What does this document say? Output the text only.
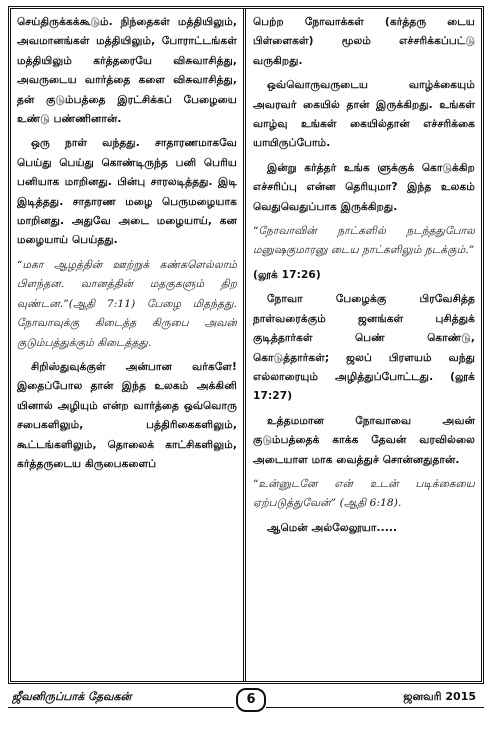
செய்திருக்கக்கூடும். நிந்தைகள் மத்தியிலும், அவமானங்கள் மத்தியிலும், போராட்டங்கள் மத்தியிலும் கர்த்தரையே விசுவாசித்து, அவருடைய வார்த்தை களை விசுவாசித்து, தன் குடும்பத்தை இரட்சிக்கப் பேழையை உண்டு பண்ணினான்.

ஒரு நாள் வந்தது. சாதாரணமாகவே பெய்து பெய்து கொண்டிருந்த பனி பெரிய பனியாக மாறினது. பின்பு சாரலடித்தது. இடி இடித்தது. சாதாரண மழை பெருமழையாக மாறினது. அதுவே அடை மழையாய், கன மழையாய் பெய்தது.

“மகா ஆழத்தின் ஊற்றுக் கண்களெல்லாம் பிளந்தன. வானத்தின் மதகுகளும் திற வுண்டன.”(ஆதி 7:11) பேழை மிதந்தது. நோவாவுக்கு கிடைத்த கிருபை அவன் குடும்பத்துக்கும் கிடைத்தது.

சிறிஸ்துவுக்குள் அன்பான வர்களே! இதைப்போல தான் இந்த உலகம் அக்கினி யினால் அழியும் என்ற வார்த்தை ஒவ்வொரு சபைகளிலும், பத்திரிகைகளிலும், கூட்டங்களிலும், தொலைக் காட்சிகளிலும், கர்த்தருடைய கிருபைகளைப்

பெற்ற நோவாக்கள் (கர்த்தரு டைய பிள்ளைகள்) மூலம் எச்சரிக்கப்பட்டு வருகிறது.

ஒவ்வொருவருடைய வாழ்க்கையும் அவரவர் கையில் தான் இருக்கிறது. உங்கள் வாழ்வு உங்கள் கையில்தான் எச்சரிக்கை யாயிருப்போம்.

இன்று கர்த்தர் உங்க ளுக்குக் கொடுக்கிற எச்சரிப்பு என்ன தெரியுமா? இந்த உலகம் வெதுவெதுப்பாக இருக்கிறது.

“நோவாவின் நாட்களில் நடந்ததுபோல மனுஷகுமாரனு டைய நாட்களிலும் நடக்கும்.”

(லூக் 17:26)

நோவா பேழைக்கு பிரவேசித்த நாள்வரைக்கும் ஜனங்கள் புசித்துக் குடித்தார்கள் பெண் கொண்டு, கொடுத்தார்கள்; ஜலப் பிரளயம் வந்து எல்லாரையும் அழித்துப்போட்டது. (லூக் 17:27)

உத்தமமான நோவாவை அவன் குடும்பத்தைக் காக்க தேவன் வரவில்லை அடையாள மாக வைத்துச் சொன்னதுதான்.

“உன்னுடனே என் உடன் படிக்கையை ஏற்படுத்துவேன்” (ஆதி 6:18).

ஆமென் அல்லேலூயா.....

ஜீவனிருப்பாக் தேவகன்	6	ஜனவரி 2015
